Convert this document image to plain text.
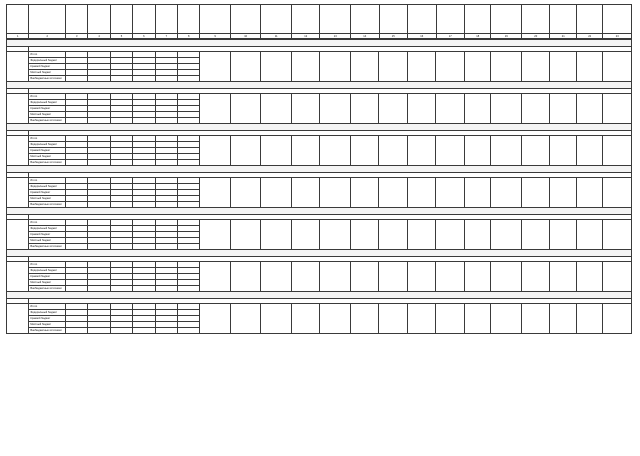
1	2	3	4	5	6	7	8	9	10	11	12	13	14	15	16	17	18	19	20	21	22	23

	Итого																					
	Федеральный бюджет																					
	Краевой бюджет																					
	Местный бюджет																					
	Внебюджетные источники																					

	Итого																					
	Федеральный бюджет																					
	Краевой бюджет																					
	Местный бюджет																					
	Внебюджетные источники																					

	Итого																					
	Федеральный бюджет																					
	Краевой бюджет																					
	Местный бюджет																					
	Внебюджетные источники																					

	Итого																					
	Федеральный бюджет																					
	Краевой бюджет																					
	Местный бюджет																					
	Внебюджетные источники																					

	Итого																					
	Федеральный бюджет																					
	Краевой бюджет																					
	Местный бюджет																					
	Внебюджетные источники																					

	Итого																					
	Федеральный бюджет																					
	Краевой бюджет																					
	Местный бюджет																					
	Внебюджетные источники																					

	Итого																					
	Федеральный бюджет																					
	Краевой бюджет																					
	Местный бюджет																					
	Внебюджетные источники																					
